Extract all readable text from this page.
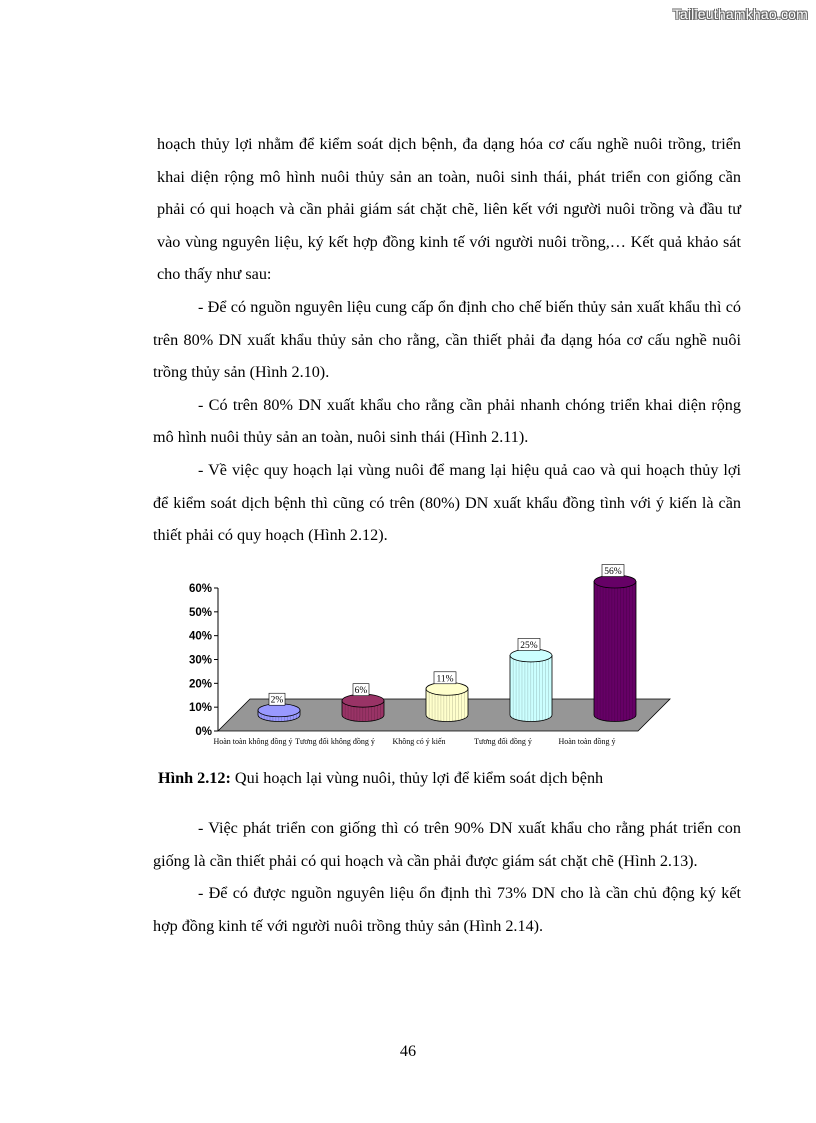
Tailieuthamkhao.com

hoạch thủy lợi nhằm để kiểm soát dịch bệnh, đa dạng hóa cơ cấu nghề nuôi trồng, triển khai diện rộng mô hình nuôi thủy sản an toàn, nuôi sinh thái, phát triển con giống cần phải có qui hoạch và cần phải giám sát chặt chẽ, liên kết với người nuôi trồng và đầu tư vào vùng nguyên liệu, ký kết hợp đồng kinh tế với người nuôi trồng,… Kết quả khảo sát cho thấy như sau:

- Để có nguồn nguyên liệu cung cấp ổn định cho chế biến thủy sản xuất khẩu thì có trên 80% DN xuất khẩu thủy sản cho rằng, cần thiết phải đa dạng hóa cơ cấu nghề nuôi trồng thủy sản (Hình 2.10).

- Có trên 80% DN xuất khẩu cho rằng cần phải nhanh chóng triển khai diện rộng mô hình nuôi thủy sản an toàn, nuôi sinh thái (Hình 2.11).

- Về việc quy hoạch lại vùng nuôi để mang lại hiệu quả cao và qui hoạch thủy lợi để kiểm soát dịch bệnh thì cũng có trên (80%) DN xuất khẩu đồng tình với ý kiến là cần thiết phải có quy hoạch (Hình 2.12).

0%
10%
20%
30%
40%
50%
60%
2%
6%
11%
25%
56%
Hoàn toàn không đồng ý Tương đối không đồng ý Không có ý kiến	Tương đối đồng ý	Hoàn toàn đồng ý
Hình 2.12: Qui hoạch lại vùng nuôi, thủy lợi để kiểm soát dịch bệnh

- Việc phát triển con giống thì có trên 90% DN xuất khẩu cho rằng phát triển con giống là cần thiết phải có qui hoạch và cần phải được giám sát chặt chẽ (Hình 2.13).

- Để có được nguồn nguyên liệu ổn định thì 73% DN cho là cần chủ động ký kết hợp đồng kinh tế với người nuôi trồng thủy sản (Hình 2.14).

46
